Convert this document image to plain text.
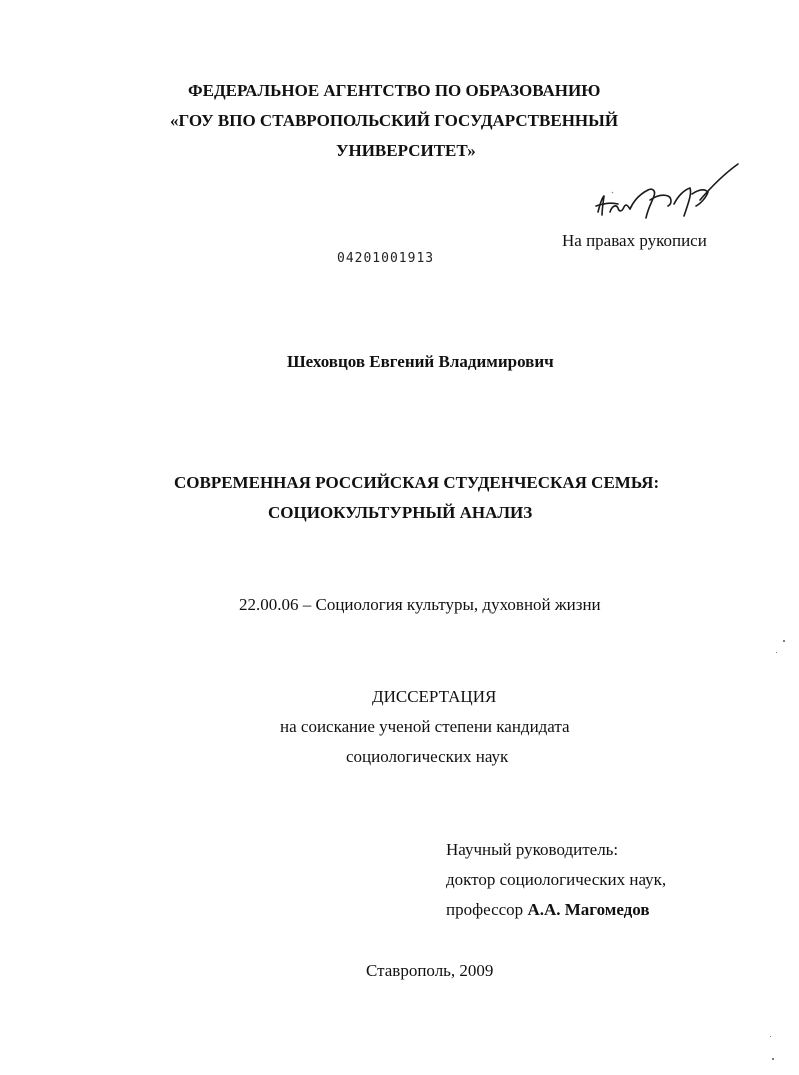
ФЕДЕРАЛЬНОЕ АГЕНТСТВО ПО ОБРАЗОВАНИЮ
«ГОУ ВПО СТАВРОПОЛЬСКИЙ ГОСУДАРСТВЕННЫЙ
УНИВЕРСИТЕТ»
На правах рукописи
04201001913
Шеховцов Евгений Владимирович
СОВРЕМЕННАЯ РОССИЙСКАЯ СТУДЕНЧЕСКАЯ СЕМЬЯ:
СОЦИОКУЛЬТУРНЫЙ АНАЛИЗ
22.00.06 – Социология культуры, духовной жизни
ДИССЕРТАЦИЯ
на соискание ученой степени кандидата
социологических наук
Научный руководитель:
доктор социологических наук,
профессор А.А. Магомедов
Ставрополь, 2009
